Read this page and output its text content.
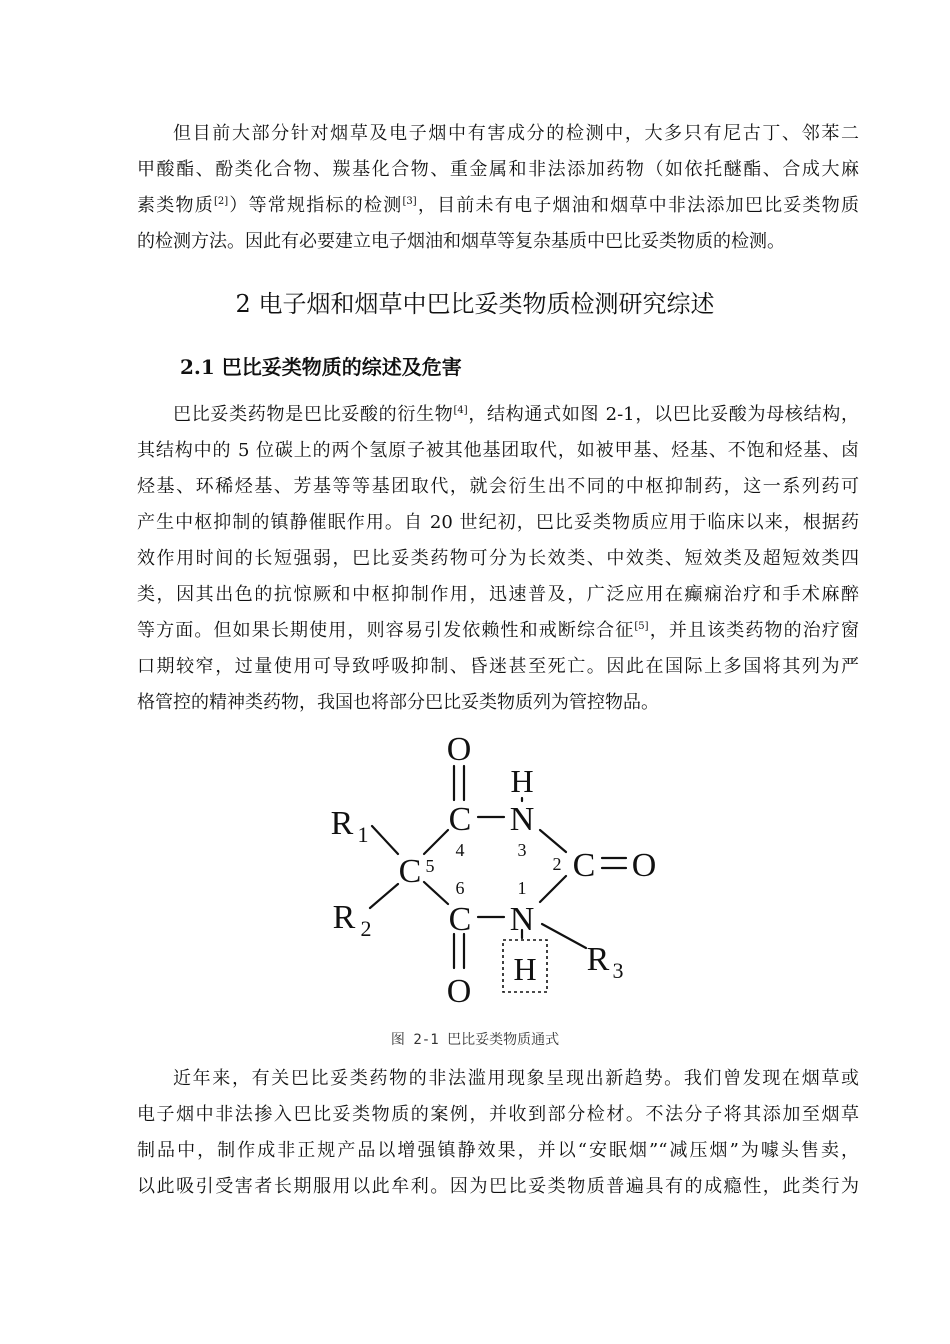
但目前大部分针对烟草及电子烟中有害成分的检测中，大多只有尼古丁、邻苯二
甲酸酯、酚类化合物、羰基化合物、重金属和非法添加药物（如依托醚酯、合成大麻
素类物质[2]）等常规指标的检测[3]，目前未有电子烟油和烟草中非法添加巴比妥类物质
的检测方法。因此有必要建立电子烟油和烟草等复杂基质中巴比妥类物质的检测。
2 电子烟和烟草中巴比妥类物质检测研究综述
2.1 巴比妥类物质的综述及危害
巴比妥类药物是巴比妥酸的衍生物[4]，结构通式如图 2-1，以巴比妥酸为母核结构，
其结构中的 5 位碳上的两个氢原子被其他基团取代，如被甲基、烃基、不饱和烃基、卤
烃基、环稀烃基、芳基等等基团取代，就会衍生出不同的中枢抑制药，这一系列药可
产生中枢抑制的镇静催眠作用。自 20 世纪初，巴比妥类物质应用于临床以来，根据药
效作用时间的长短强弱，巴比妥类药物可分为长效类、中效类、短效类及超短效类四
类，因其出色的抗惊厥和中枢抑制作用，迅速普及，广泛应用在癫痫治疗和手术麻醉
等方面。但如果长期使用，则容易引发依赖性和戒断综合征[5]，并且该类药物的治疗窗
口期较窄，过量使用可导致呼吸抑制、昏迷甚至死亡。因此在国际上多国将其列为严
格管控的精神类药物，我国也将部分巴比妥类物质列为管控物品。
O
H
R 1 C N
4	3
C 5	2 C O
6	1
R 2 C N
H R 3
O
图 2-1 巴比妥类物质通式
近年来，有关巴比妥类药物的非法滥用现象呈现出新趋势。我们曾发现在烟草或
电子烟中非法掺入巴比妥类物质的案例，并收到部分检材。不法分子将其添加至烟草
制品中，制作成非正规产品以增强镇静效果，并以“安眠烟”“减压烟”为噱头售卖，
以此吸引受害者长期服用以此牟利。因为巴比妥类物质普遍具有的成瘾性，此类行为
